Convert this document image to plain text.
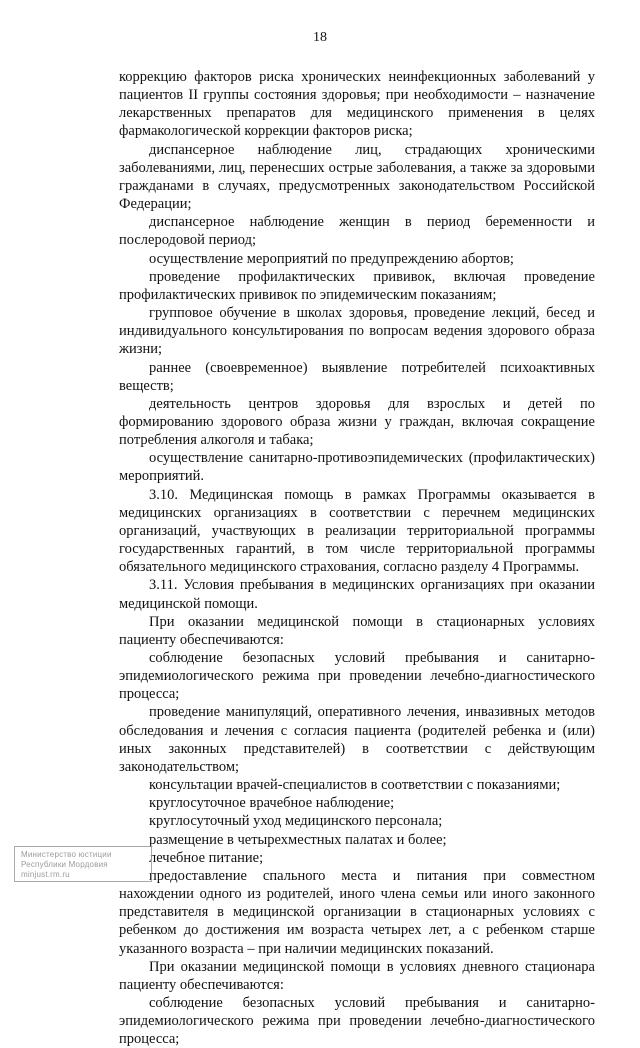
18

коррекцию факторов риска хронических неинфекционных заболеваний у пациентов II группы состояния здоровья; при необходимости – назначение лекарственных препаратов для медицинского применения в целях фармакологической коррекции факторов риска;

диспансерное наблюдение лиц, страдающих хроническими заболеваниями, лиц, перенесших острые заболевания, а также за здоровыми гражданами в случаях, предусмотренных законодательством Российской Федерации;

диспансерное наблюдение женщин в период беременности и послеродовой период;

осуществление мероприятий по предупреждению абортов;

проведение профилактических прививок, включая проведение профилактических прививок по эпидемическим показаниям;

групповое обучение в школах здоровья, проведение лекций, бесед и индивидуального консультирования по вопросам ведения здорового образа жизни;

раннее (своевременное) выявление потребителей психоактивных веществ;

деятельность центров здоровья для взрослых и детей по формированию здорового образа жизни у граждан, включая сокращение потребления алкоголя и табака;

осуществление санитарно-противоэпидемических (профилактических) мероприятий.

3.10. Медицинская помощь в рамках Программы оказывается в медицинских организациях в соответствии с перечнем медицинских организаций, участвующих в реализации территориальной программы государственных гарантий, в том числе территориальной программы обязательного медицинского страхования, согласно разделу 4 Программы.

3.11. Условия пребывания в медицинских организациях при оказании медицинской помощи.

При оказании медицинской помощи в стационарных условиях пациенту обеспечиваются:

соблюдение безопасных условий пребывания и санитарно-эпидемиологического режима при проведении лечебно-диагностического процесса;

проведение манипуляций, оперативного лечения, инвазивных методов обследования и лечения с согласия пациента (родителей ребенка и (или) иных законных представителей) в соответствии с действующим законодательством;

консультации врачей-специалистов в соответствии с показаниями;

круглосуточное врачебное наблюдение;

круглосуточный уход медицинского персонала;

размещение в четырехместных палатах и более;

лечебное питание;

предоставление спального места и питания при совместном нахождении одного из родителей, иного члена семьи или иного законного представителя в медицинской организации в стационарных условиях с ребенком до достижения им возраста четырех лет, а с ребенком старше указанного возраста – при наличии медицинских показаний.

При оказании медицинской помощи в условиях дневного стационара пациенту обеспечиваются:

соблюдение безопасных условий пребывания и санитарно-эпидемиологического режима при проведении лечебно-диагностического процесса;

Министерство юстиции
Республики Мордовия
minjust.rm.ru
